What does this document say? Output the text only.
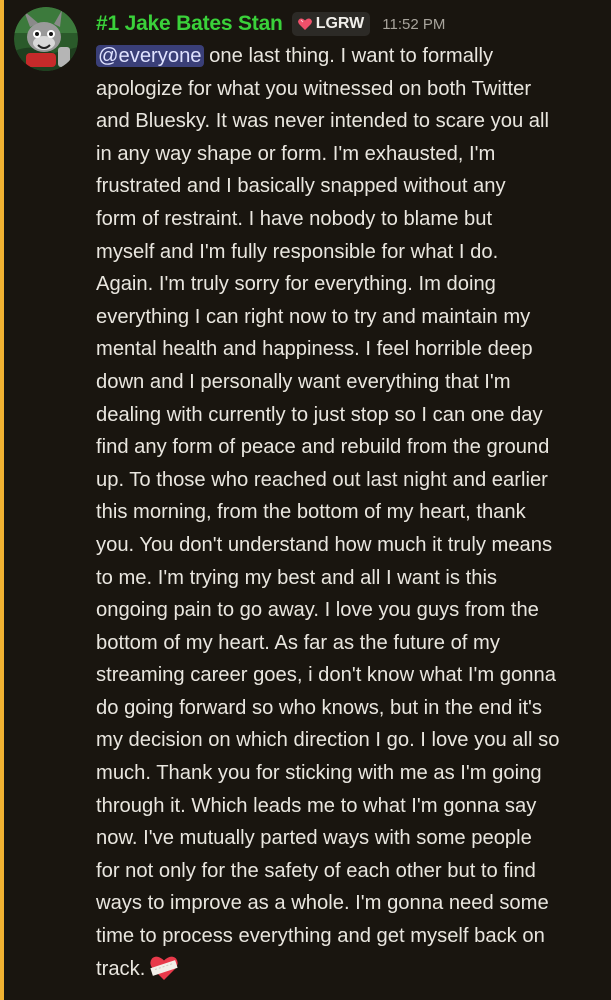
#1 Jake Bates Stan LGRW 11:52 PM
@everyone one last thing. I want to formally
apologize for what you witnessed on both Twitter
and Bluesky. It was never intended to scare you all
in any way shape or form. I'm exhausted, I'm
frustrated and I basically snapped without any
form of restraint. I have nobody to blame but
myself and I'm fully responsible for what I do.
Again. I'm truly sorry for everything. Im doing
everything I can right now to try and maintain my
mental health and happiness. I feel horrible deep
down and I personally want everything that I'm
dealing with currently to just stop so I can one day
find any form of peace and rebuild from the ground
up. To those who reached out last night and earlier
this morning, from the bottom of my heart, thank
you. You don't understand how much it truly means
to me. I'm trying my best and all I want is this
ongoing pain to go away. I love you guys from the
bottom of my heart. As far as the future of my
streaming career goes, i don't know what I'm gonna
do going forward so who knows, but in the end it's
my decision on which direction I go. I love you all so
much. Thank you for sticking with me as I'm going
through it. Which leads me to what I'm gonna say
now. I've mutually parted ways with some people
for not only for the safety of each other but to find
ways to improve as a whole. I'm gonna need some
time to process everything and get myself back on
track.
